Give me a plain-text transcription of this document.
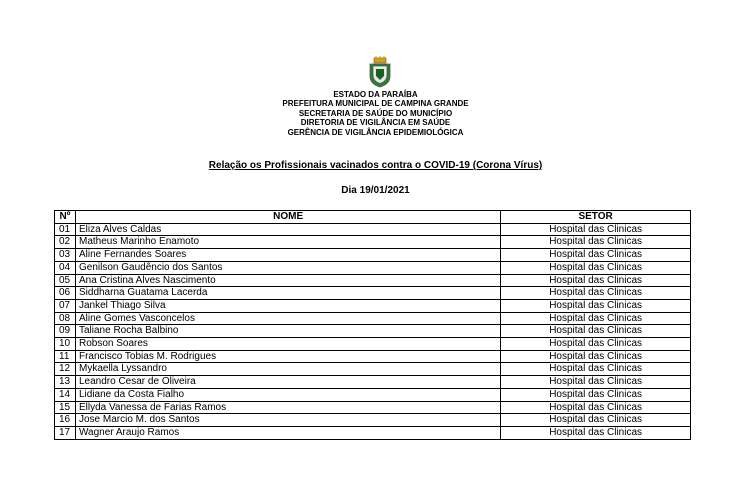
ESTADO DA PARAÍBA
PREFEITURA MUNICIPAL DE CAMPINA GRANDE
SECRETARIA DE SAÚDE DO MUNICÍPIO
DIRETORIA DE VIGILÂNCIA EM SAÚDE
GERÊNCIA DE VIGILÂNCIA EPIDEMIOLÓGICA
Relação os Profissionais vacinados contra o COVID-19 (Corona Vírus)
Dia 19/01/2021
Nº	NOME	SETOR
01	Eliza Alves Caldas	Hospital das Clinicas
02	Matheus Marinho Enamoto	Hospital das Clinicas
03	Aline Fernandes Soares	Hospital das Clinicas
04	Genilson Gaudêncio dos Santos	Hospital das Clinicas
05	Ana Cristina Alves Nascimento	Hospital das Clinicas
06	Siddharna Guatama Lacerda	Hospital das Clinicas
07	Jankel Thiago Silva	Hospital das Clinicas
08	Aline Gomes Vasconcelos	Hospital das Clinicas
09	Taliane Rocha Balbino	Hospital das Clinicas
10	Robson Soares	Hospital das Clinicas
11	Francisco Tobias M. Rodrigues	Hospital das Clinicas
12	Mykaella Lyssandro	Hospital das Clinicas
13	Leandro Cesar de Oliveira	Hospital das Clinicas
14	Lidiane da Costa Fialho	Hospital das Clinicas
15	Ellyda Vanessa de Farias Ramos	Hospital das Clinicas
16	Jose Marcio M. dos Santos	Hospital das Clinicas
17	Wagner Araujo Ramos	Hospital das Clinicas
